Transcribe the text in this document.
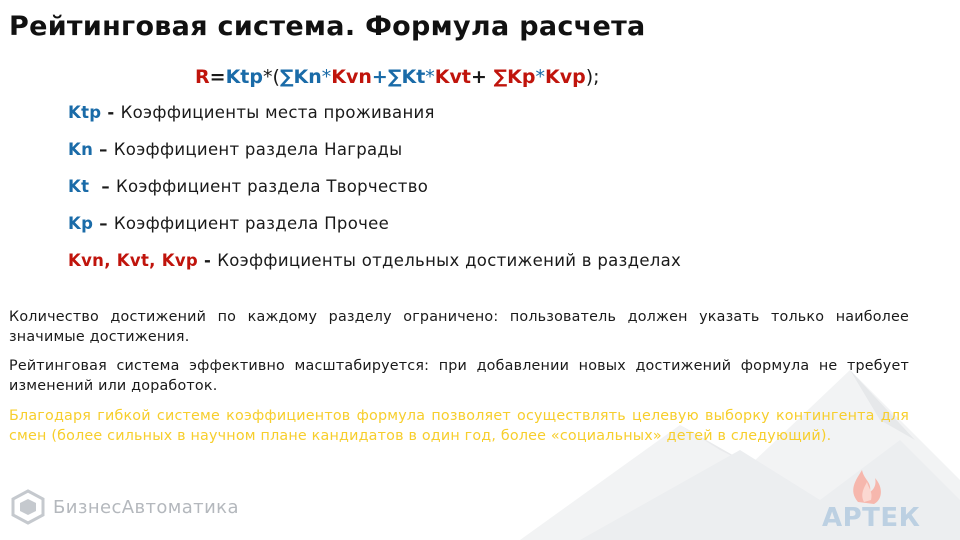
Рейтинговая система. Формула расчета
R=Ktp*(∑Kn*Kvn+∑Kt*Kvt+ ∑Kp*Kvp);
Ktp - Коэффициенты места проживания
Kn – Коэффициент раздела Награды
Kt  – Коэффициент раздела Творчество
Kp – Коэффициент раздела Прочее
Kvn, Kvt, Kvp - Коэффициенты отдельных достижений в разделах
Количество достижений по каждому разделу ограничено: пользователь должен указать только наиболее значимые достижения.
Рейтинговая система эффективно масштабируется: при добавлении новых достижений формула не требует изменений или доработок.
Благодаря гибкой системе коэффициентов формула позволяет осуществлять целевую выборку контингента для смен (более сильных в научном плане кандидатов в один год, более «социальных» детей в следующий).
БизнесАвтоматика	АРТЕК
